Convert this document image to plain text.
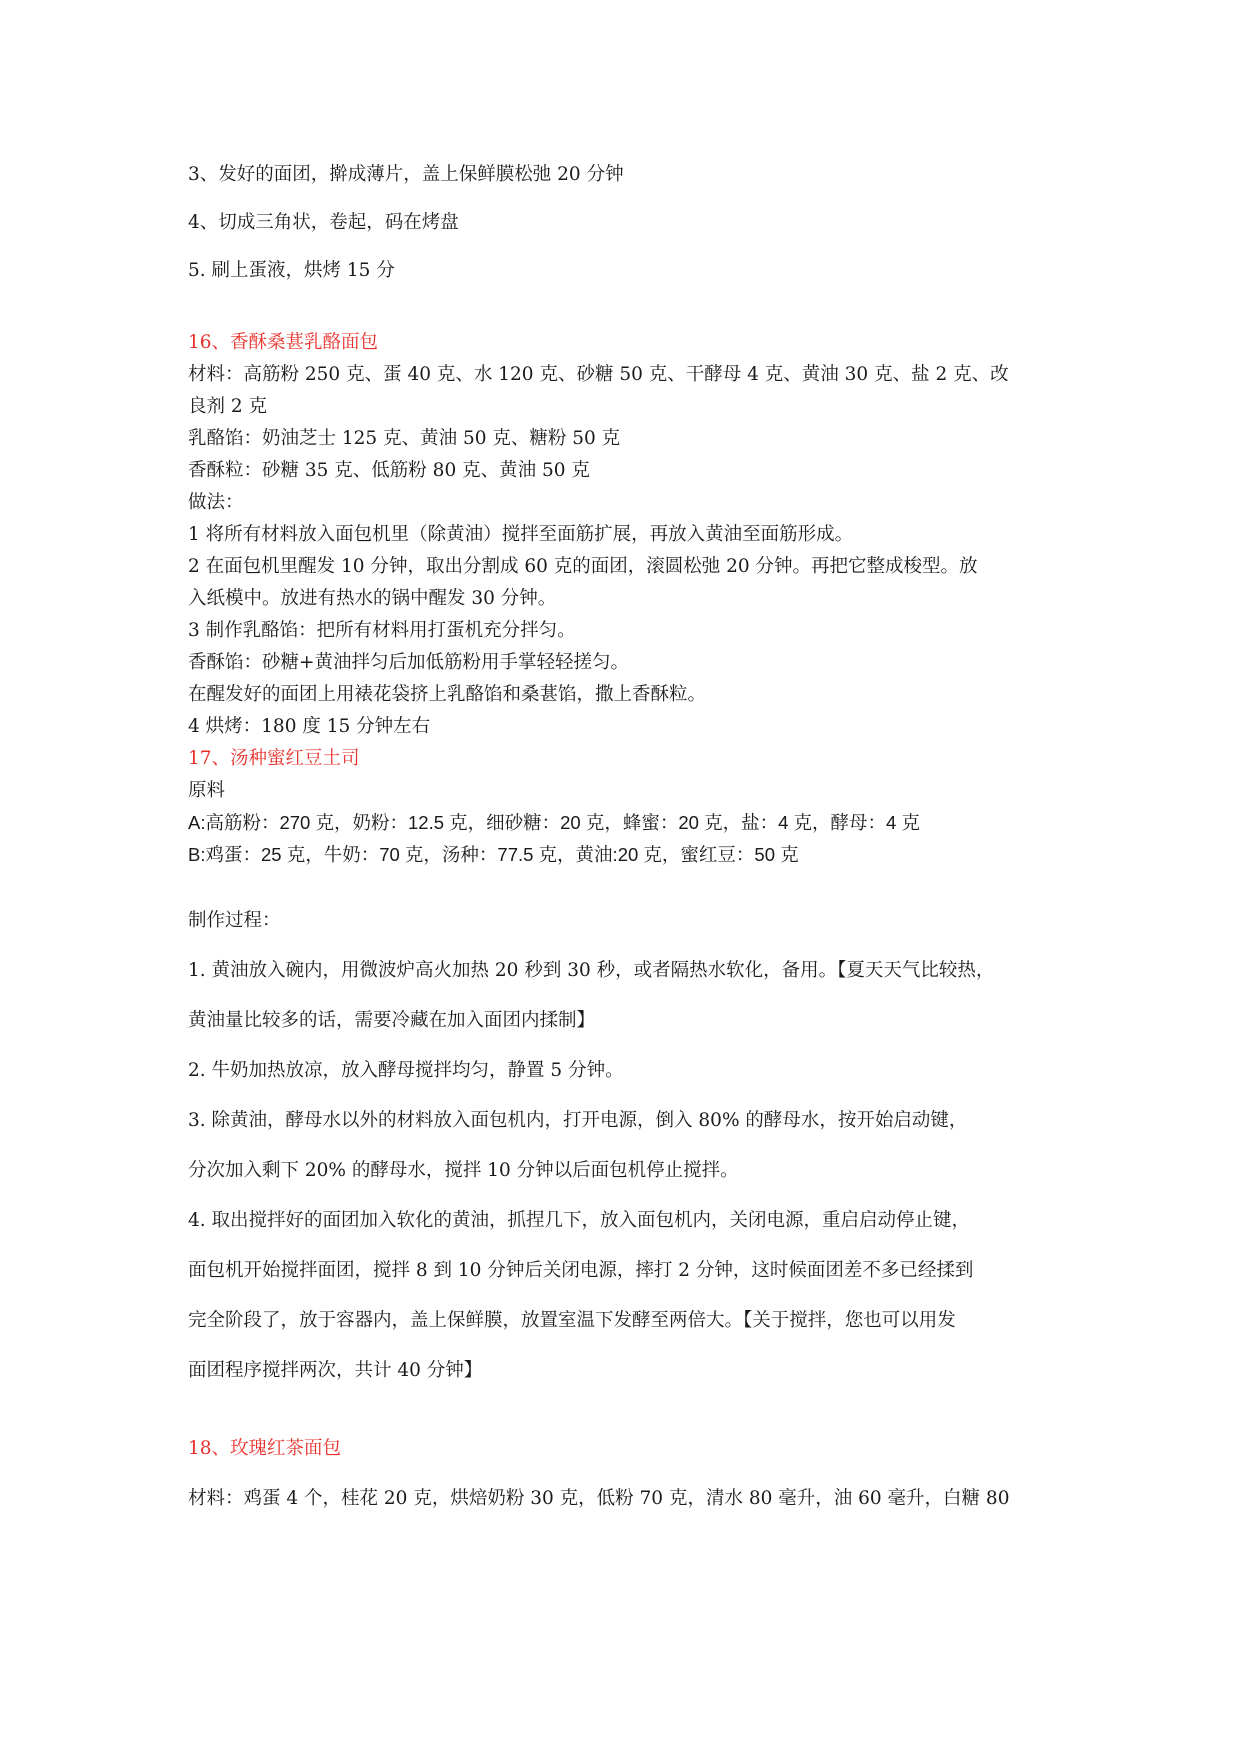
3、发好的面团，擀成薄片，盖上保鲜膜松弛 20 分钟
4、切成三角状，卷起，码在烤盘
5. 刷上蛋液，烘烤 15 分
16、香酥桑葚乳酪面包
材料：高筋粉 250 克、蛋 40 克、水 120 克、砂糖 50 克、干酵母 4 克、黄油 30 克、盐 2 克、改
良剂 2 克
乳酪馅：奶油芝士 125 克、黄油 50 克、糖粉 50 克
香酥粒：砂糖 35 克、低筋粉 80 克、黄油 50 克
做法：
1 将所有材料放入面包机里（除黄油）搅拌至面筋扩展，再放入黄油至面筋形成。
2 在面包机里醒发 10 分钟，取出分割成 60 克的面团，滚圆松弛 20 分钟。再把它整成梭型。放
入纸模中。放进有热水的锅中醒发 30 分钟。
3 制作乳酪馅：把所有材料用打蛋机充分拌匀。
香酥馅：砂糖+黄油拌匀后加低筋粉用手掌轻轻搓匀。
在醒发好的面团上用裱花袋挤上乳酪馅和桑葚馅，撒上香酥粒。
4 烘烤：180 度 15 分钟左右
17、汤种蜜红豆土司
原料
A:高筋粉：270 克，奶粉：12.5 克，细砂糖：20 克，蜂蜜：20 克，盐：4 克，酵母：4 克
B:鸡蛋：25 克，牛奶：70 克，汤种：77.5 克，黄油:20 克，蜜红豆：50 克
制作过程：
1. 黄油放入碗内，用微波炉高火加热 20 秒到 30 秒，或者隔热水软化，备用。【夏天天气比较热，
黄油量比较多的话，需要冷藏在加入面团内揉制】
2. 牛奶加热放凉，放入酵母搅拌均匀，静置 5 分钟。
3. 除黄油，酵母水以外的材料放入面包机内，打开电源，倒入 80% 的酵母水，按开始启动键，
分次加入剩下 20% 的酵母水，搅拌 10 分钟以后面包机停止搅拌。
4. 取出搅拌好的面团加入软化的黄油，抓捏几下，放入面包机内，关闭电源，重启启动停止键，
面包机开始搅拌面团，搅拌 8 到 10 分钟后关闭电源，摔打 2 分钟，这时候面团差不多已经揉到
完全阶段了，放于容器内，盖上保鲜膜，放置室温下发酵至两倍大。【关于搅拌，您也可以用发
面团程序搅拌两次，共计 40 分钟】
18、玫瑰红茶面包
材料：鸡蛋 4 个，桂花 20 克，烘焙奶粉 30 克，低粉 70 克，清水 80 毫升，油 60 毫升，白糖 80
